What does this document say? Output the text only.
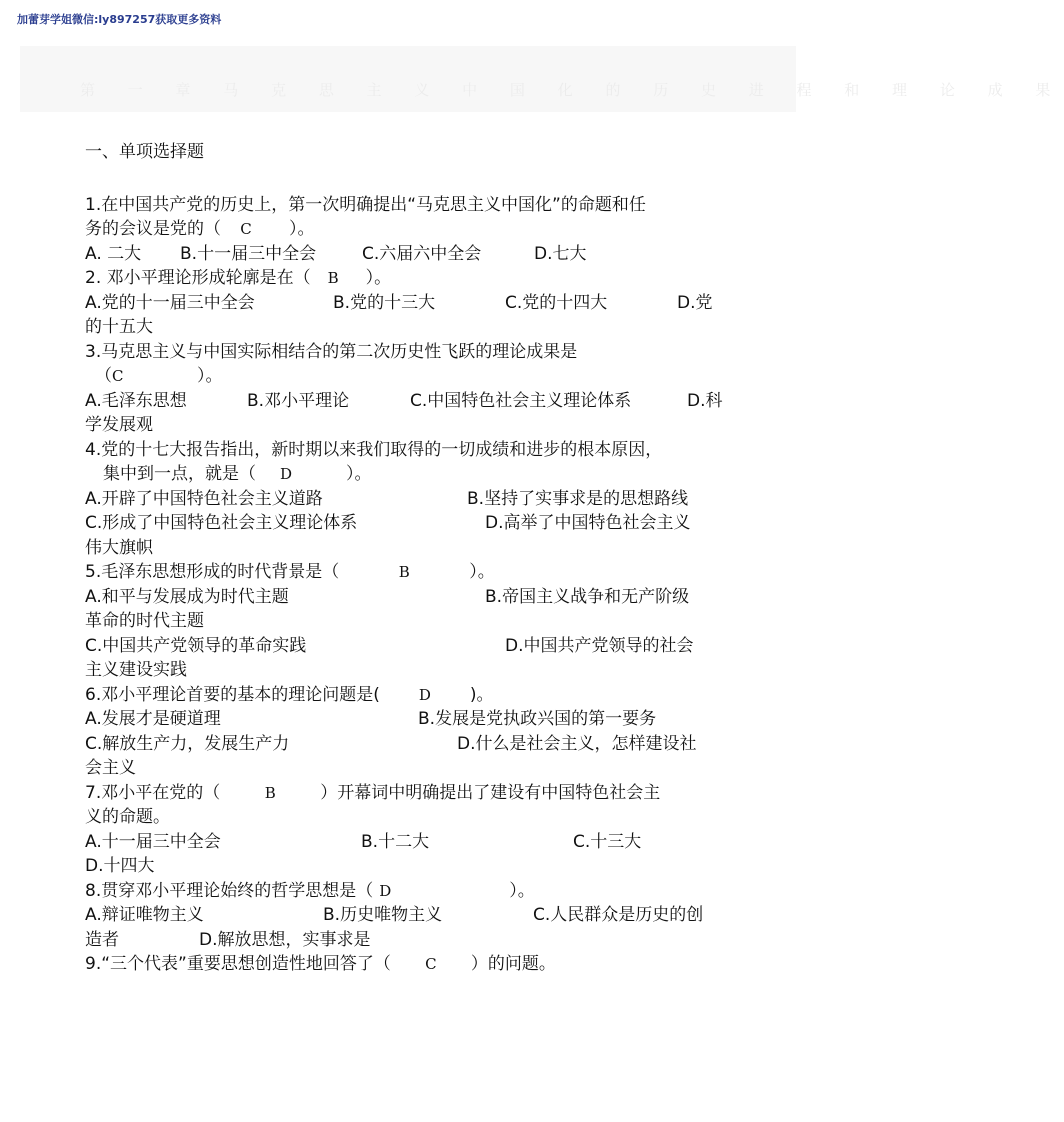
加蕾芽学姐微信:ly897257获取更多资料
第 一 章 马 克 思 主 义 中 国 化 的 历 史 进 程 和 理 论 成 果
一、单项选择题
1.在中国共产党的历史上，第一次明确提出“马克思主义中国化”的命题和任
务的会议是党的（ C ）。
A. 二大 B.十一届三中全会	C.六届六中全会	D.七大
2. 邓小平理论形成轮廓是在（ B ）。
A.党的十一届三中全会	B.党的十三大	C.党的十四大	D.党
的十五大
3.马克思主义与中国实际相结合的第二次历史性飞跃的理论成果是
（C	）。
A.毛泽东思想	B.邓小平理论	C.中国特色社会主义理论体系	D.科
学发展观
4.党的十七大报告指出，新时期以来我们取得的一切成绩和进步的根本原因，
集中到一点，就是（ D	）。
A.开辟了中国特色社会主义道路	B.坚持了实事求是的思想路线
C.形成了中国特色社会主义理论体系	D.高举了中国特色社会主义
伟大旗帜
5.毛泽东思想形成的时代背景是（	B	）。
A.和平与发展成为时代主题	B.帝国主义战争和无产阶级
革命的时代主题
C.中国共产党领导的革命实践	D.中国共产党领导的社会
主义建设实践
6.邓小平理论首要的基本的理论问题是(	D )。
A.发展才是硬道理	B.发展是党执政兴国的第一要务
C.解放生产力，发展生产力	D.什么是社会主义，怎样建设社
会主义
7.邓小平在党的（	B	）开幕词中明确提出了建设有中国特色社会主
义的命题。
A.十一届三中全会	B.十二大	C.十三大
D.十四大
8.贯穿邓小平理论始终的哲学思想是（ D	）。
A.辩证唯物主义	B.历史唯物主义	C.人民群众是历史的创
造者	D.解放思想，实事求是
9.“三个代表”重要思想创造性地回答了（ C ）的问题。
